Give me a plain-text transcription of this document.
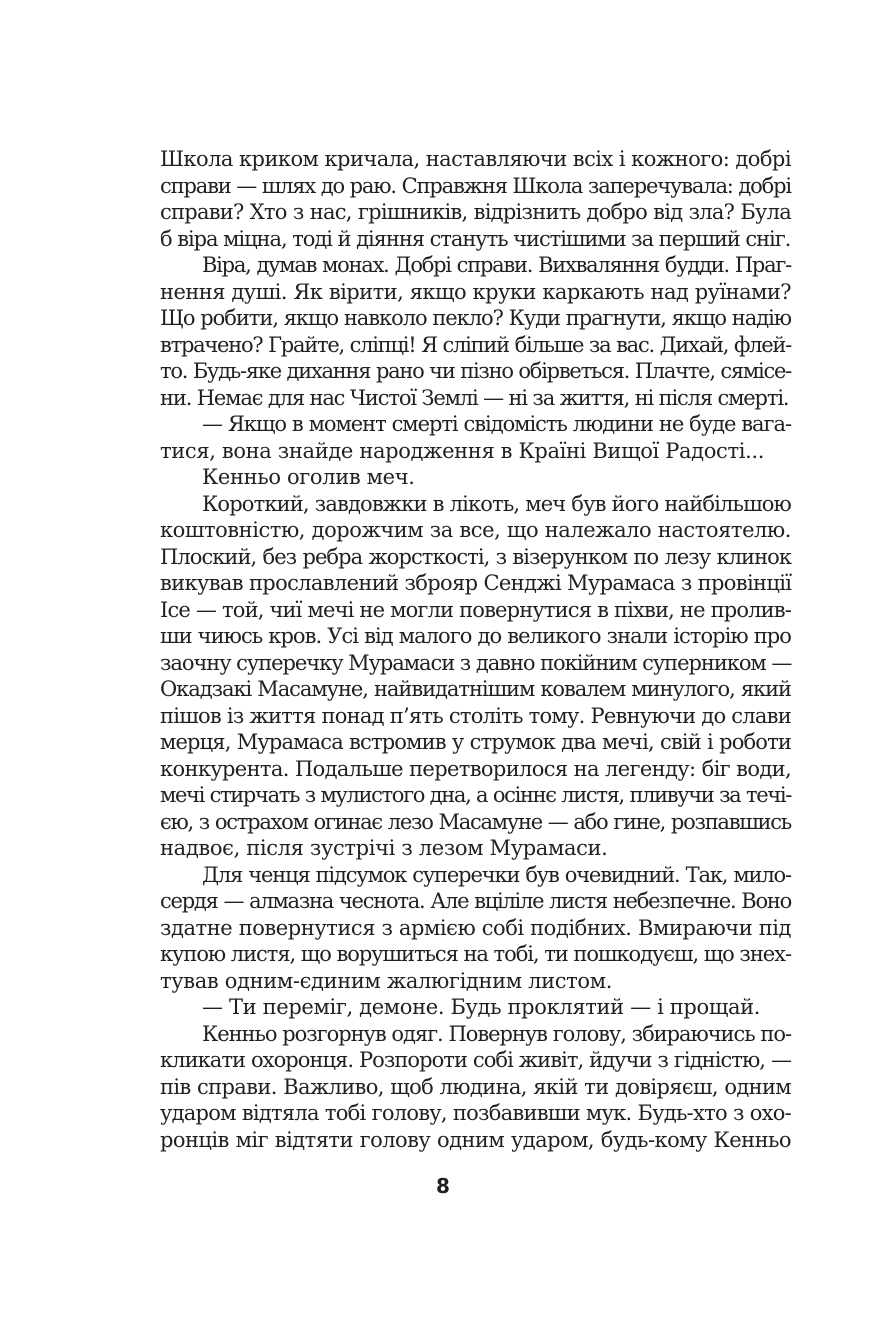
Школа криком кричала, наставляючи всіх і кожного: добрі
справи — шлях до раю. Справжня Школа заперечувала: добрі
справи? Хто з нас, грішників, відрізнить добро від зла? Була
б віра міцна, тоді й діяння стануть чистішими за перший сніг.
Віра, думав монах. Добрі справи. Вихваляння будди. Праг-
нення душі. Як вірити, якщо круки каркають над руїнами?
Що робити, якщо навколо пекло? Куди прагнути, якщо надію
втрачено? Грайте, сліпці! Я сліпий більше за вас. Дихай, флей-
то. Будь-яке дихання рано чи пізно обірветься. Плачте, сямісе-
ни. Немає для нас Чистої Землі — ні за життя, ні після смерті.
— Якщо в момент смерті свідомість людини не буде вага-
тися, вона знайде народження в Країні Вищої Радості...
Кенньо оголив меч.
Короткий, завдовжки в лікоть, меч був його найбільшою
коштовністю, дорожчим за все, що належало настоятелю.
Плоский, без ребра жорсткості, з візерунком по лезу клинок
викував прославлений зброяр Сенджі Мурамаса з провінції
Ісе — той, чиї мечі не могли повернутися в піхви, не пролив-
ши чиюсь кров. Усі від малого до великого знали історію про
заочну суперечку Мурамаси з давно покійним суперником —
Окадзакі Масамуне, найвидатнішим ковалем минулого, який
пішов із життя понад п’ять століть тому. Ревнуючи до слави
мерця, Мурамаса встромив у струмок два мечі, свій і роботи
конкурента. Подальше перетворилося на легенду: біг води,
мечі стирчать з мулистого дна, а осіннє листя, пливучи за течі-
єю, з острахом огинає лезо Масамуне — або гине, розпавшись
надвоє, після зустрічі з лезом Мурамаси.
Для ченця підсумок суперечки був очевидний. Так, мило-
сердя — алмазна чеснота. Але вціліле листя небезпечне. Воно
здатне повернутися з армією собі подібних. Вмираючи під
купою листя, що ворушиться на тобі, ти пошкодуєш, що знех-
тував одним-єдиним жалюгідним листом.
— Ти переміг, демоне. Будь проклятий — і прощай.
Кенньо розгорнув одяг. Повернув голову, збираючись по-
кликати охоронця. Розпороти собі живіт, йдучи з гідністю, —
пів справи. Важливо, щоб людина, якій ти довіряєш, одним
ударом відтяла тобі голову, позбавивши мук. Будь-хто з охо-
ронців міг відтяти голову одним ударом, будь-кому Кенньо
8
